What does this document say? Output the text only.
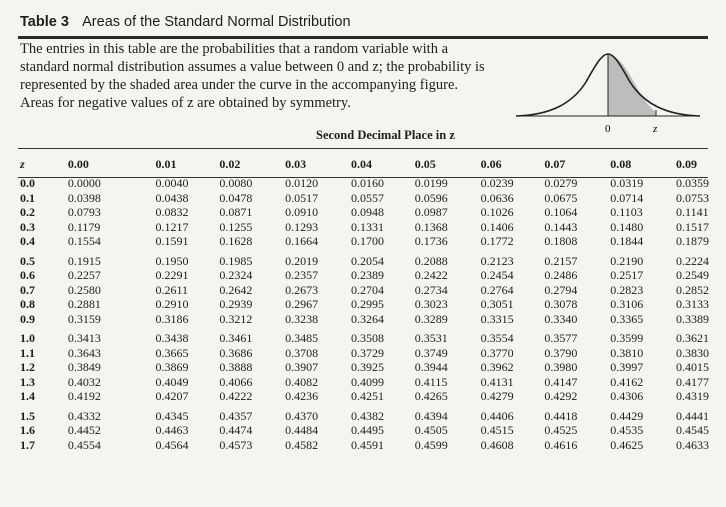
Table 3 Areas of the Standard Normal Distribution
The entries in this table are the probabilities that a random variable with a standard normal distribution assumes a value between 0 and z; the probability is represented by the shaded area under the curve in the accompanying figure. Areas for negative values of z are obtained by symmetry.
0	z
Second Decimal Place in z
z	0.00	0.01	0.02	0.03	0.04	0.05	0.06	0.07	0.08	0.09
0.0	0.0000	0.0040	0.0080	0.0120	0.0160	0.0199	0.0239	0.0279	0.0319	0.0359
0.1	0.0398	0.0438	0.0478	0.0517	0.0557	0.0596	0.0636	0.0675	0.0714	0.0753
0.2	0.0793	0.0832	0.0871	0.0910	0.0948	0.0987	0.1026	0.1064	0.1103	0.1141
0.3	0.1179	0.1217	0.1255	0.1293	0.1331	0.1368	0.1406	0.1443	0.1480	0.1517
0.4	0.1554	0.1591	0.1628	0.1664	0.1700	0.1736	0.1772	0.1808	0.1844	0.1879
0.5	0.1915	0.1950	0.1985	0.2019	0.2054	0.2088	0.2123	0.2157	0.2190	0.2224
0.6	0.2257	0.2291	0.2324	0.2357	0.2389	0.2422	0.2454	0.2486	0.2517	0.2549
0.7	0.2580	0.2611	0.2642	0.2673	0.2704	0.2734	0.2764	0.2794	0.2823	0.2852
0.8	0.2881	0.2910	0.2939	0.2967	0.2995	0.3023	0.3051	0.3078	0.3106	0.3133
0.9	0.3159	0.3186	0.3212	0.3238	0.3264	0.3289	0.3315	0.3340	0.3365	0.3389
1.0	0.3413	0.3438	0.3461	0.3485	0.3508	0.3531	0.3554	0.3577	0.3599	0.3621
1.1	0.3643	0.3665	0.3686	0.3708	0.3729	0.3749	0.3770	0.3790	0.3810	0.3830
1.2	0.3849	0.3869	0.3888	0.3907	0.3925	0.3944	0.3962	0.3980	0.3997	0.4015
1.3	0.4032	0.4049	0.4066	0.4082	0.4099	0.4115	0.4131	0.4147	0.4162	0.4177
1.4	0.4192	0.4207	0.4222	0.4236	0.4251	0.4265	0.4279	0.4292	0.4306	0.4319
1.5	0.4332	0.4345	0.4357	0.4370	0.4382	0.4394	0.4406	0.4418	0.4429	0.4441
1.6	0.4452	0.4463	0.4474	0.4484	0.4495	0.4505	0.4515	0.4525	0.4535	0.4545
1.7	0.4554	0.4564	0.4573	0.4582	0.4591	0.4599	0.4608	0.4616	0.4625	0.4633
